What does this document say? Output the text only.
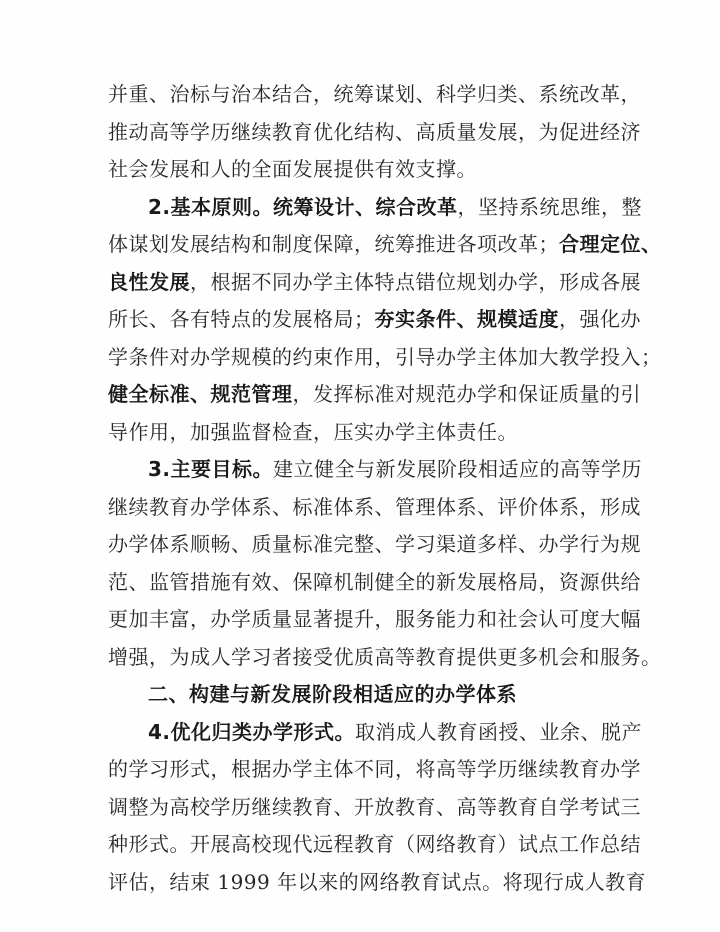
并重、治标与治本结合，统筹谋划、科学归类、系统改革，
推动高等学历继续教育优化结构、高质量发展，为促进经济
社会发展和人的全面发展提供有效支撑。
2.基本原则。统筹设计、综合改革，坚持系统思维，整
体谋划发展结构和制度保障，统筹推进各项改革；合理定位、
良性发展，根据不同办学主体特点错位规划办学，形成各展
所长、各有特点的发展格局；夯实条件、规模适度，强化办
学条件对办学规模的约束作用，引导办学主体加大教学投入；
健全标准、规范管理，发挥标准对规范办学和保证质量的引
导作用，加强监督检查，压实办学主体责任。
3.主要目标。建立健全与新发展阶段相适应的高等学历
继续教育办学体系、标准体系、管理体系、评价体系，形成
办学体系顺畅、质量标准完整、学习渠道多样、办学行为规
范、监管措施有效、保障机制健全的新发展格局，资源供给
更加丰富，办学质量显著提升，服务能力和社会认可度大幅
增强，为成人学习者接受优质高等教育提供更多机会和服务。
二、构建与新发展阶段相适应的办学体系
4.优化归类办学形式。取消成人教育函授、业余、脱产
的学习形式，根据办学主体不同，将高等学历继续教育办学
调整为高校学历继续教育、开放教育、高等教育自学考试三
种形式。开展高校现代远程教育（网络教育）试点工作总结
评估，结束 1999 年以来的网络教育试点。将现行成人教育
